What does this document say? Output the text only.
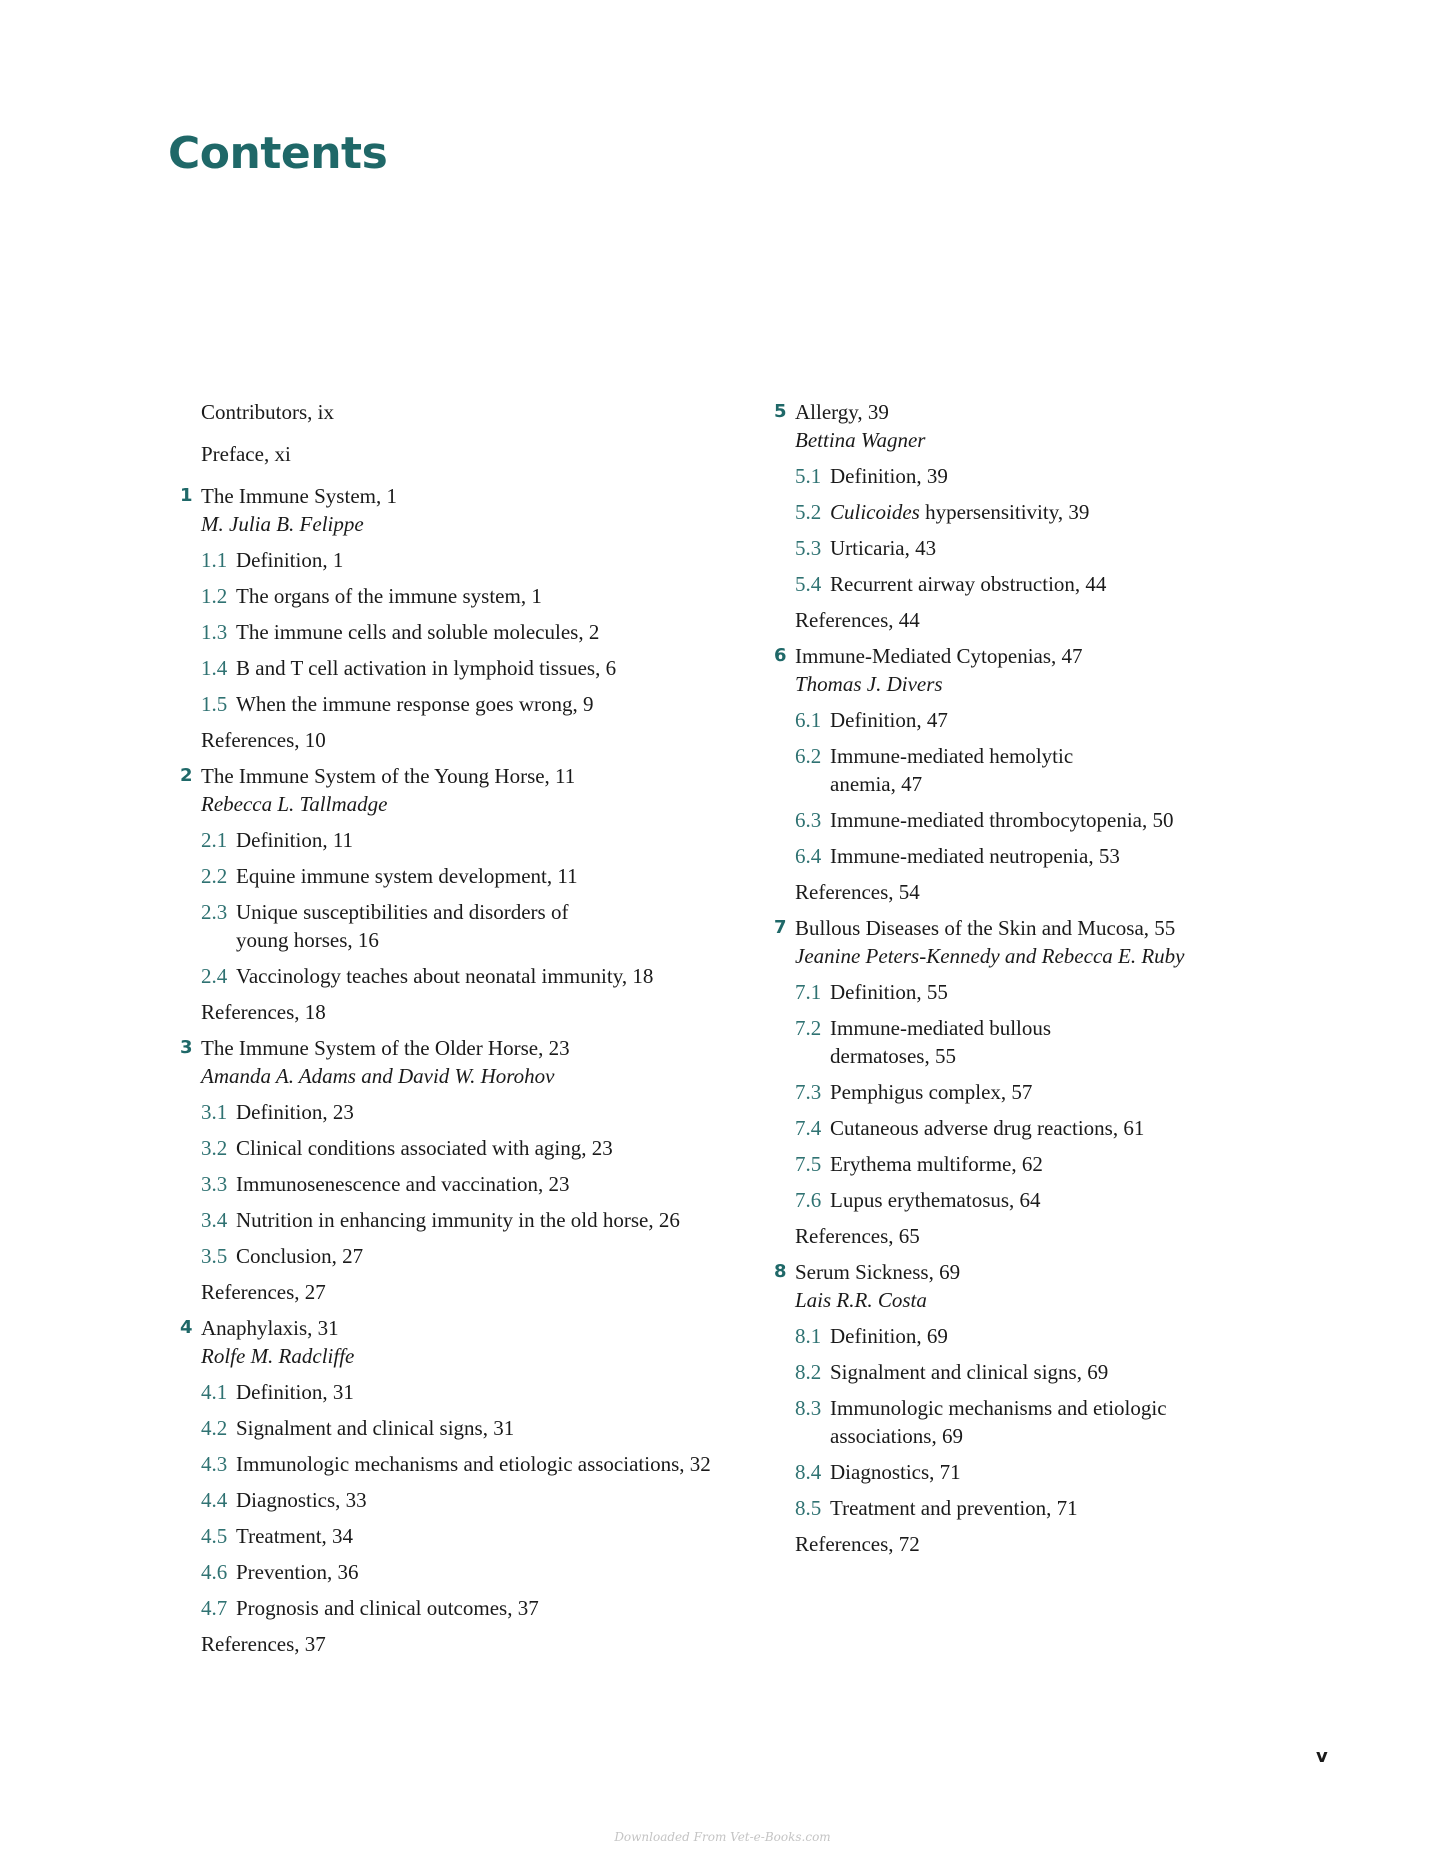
Contents
Contributors, ix
Preface, xi
1 The Immune System, 1
M. Julia B. Felippe
1.1 Definition, 1
1.2 The organs of the immune system, 1
1.3 The immune cells and soluble molecules, 2
1.4 B and T cell activation in lymphoid tissues, 6
1.5 When the immune response goes wrong, 9
References, 10
2 The Immune System of the Young Horse, 11
Rebecca L. Tallmadge
2.1 Definition, 11
2.2 Equine immune system development, 11
2.3 Unique susceptibilities and disorders of young horses, 16
2.4 Vaccinology teaches about neonatal immunity, 18
References, 18
3 The Immune System of the Older Horse, 23
Amanda A. Adams and David W. Horohov
3.1 Definition, 23
3.2 Clinical conditions associated with aging, 23
3.3 Immunosenescence and vaccination, 23
3.4 Nutrition in enhancing immunity in the old horse, 26
3.5 Conclusion, 27
References, 27
4 Anaphylaxis, 31
Rolfe M. Radcliffe
4.1 Definition, 31
4.2 Signalment and clinical signs, 31
4.3 Immunologic mechanisms and etiologic associations, 32
4.4 Diagnostics, 33
4.5 Treatment, 34
4.6 Prevention, 36
4.7 Prognosis and clinical outcomes, 37
References, 37
5 Allergy, 39
Bettina Wagner
5.1 Definition, 39
5.2 Culicoides hypersensitivity, 39
5.3 Urticaria, 43
5.4 Recurrent airway obstruction, 44
References, 44
6 Immune-Mediated Cytopenias, 47
Thomas J. Divers
6.1 Definition, 47
6.2 Immune-mediated hemolytic anemia, 47
6.3 Immune-mediated thrombocytopenia, 50
6.4 Immune-mediated neutropenia, 53
References, 54
7 Bullous Diseases of the Skin and Mucosa, 55
Jeanine Peters-Kennedy and Rebecca E. Ruby
7.1 Definition, 55
7.2 Immune-mediated bullous dermatoses, 55
7.3 Pemphigus complex, 57
7.4 Cutaneous adverse drug reactions, 61
7.5 Erythema multiforme, 62
7.6 Lupus erythematosus, 64
References, 65
8 Serum Sickness, 69
Lais R.R. Costa
8.1 Definition, 69
8.2 Signalment and clinical signs, 69
8.3 Immunologic mechanisms and etiologic associations, 69
8.4 Diagnostics, 71
8.5 Treatment and prevention, 71
References, 72
v
Downloaded From Vet-e-Books.com
